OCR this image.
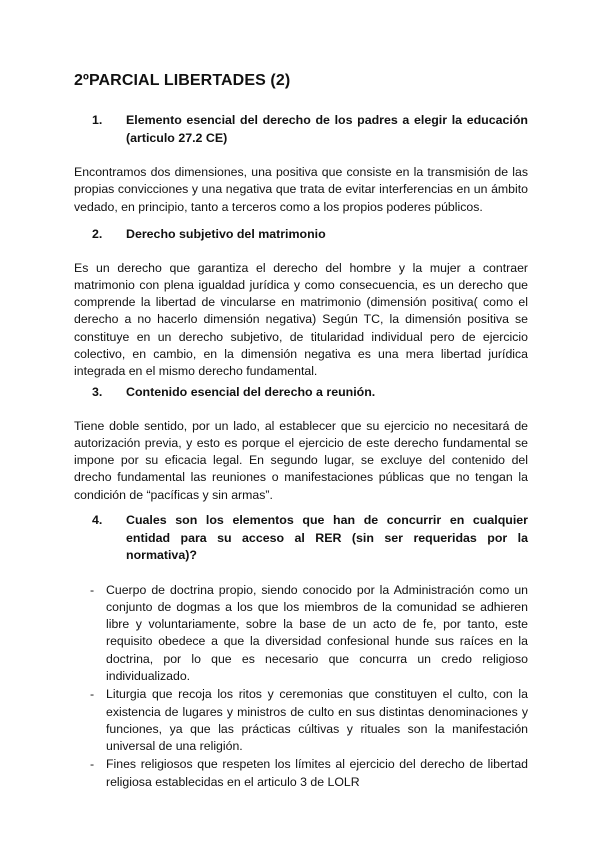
2ºPARCIAL LIBERTADES (2)
1.	Elemento esencial del derecho de los padres a elegir la educación (articulo 27.2 CE)

Encontramos dos dimensiones, una positiva que consiste en la transmisión de las propias convicciones y una negativa que trata de evitar interferencias en un ámbito vedado, en principio, tanto a terceros como a los propios poderes públicos.

2.	Derecho subjetivo del matrimonio

Es un derecho que garantiza el derecho del hombre y la mujer a contraer matrimonio con plena igualdad jurídica y como consecuencia, es un derecho que comprende la libertad de vincularse en matrimonio (dimensión positiva( como el derecho a no hacerlo dimensión negativa) Según TC, la dimensión positiva se constituye en un derecho subjetivo, de titularidad individual pero de ejercicio colectivo, en cambio, en la dimensión negativa es una mera libertad jurídica integrada en el mismo derecho fundamental.

3.	Contenido esencial del derecho a reunión.

Tiene doble sentido, por un lado, al establecer que su ejercicio no necesitará de autorización previa, y esto es porque el ejercicio de este derecho fundamental se impone por su eficacia legal. En segundo lugar, se excluye del contenido del drecho fundamental las reuniones o manifestaciones públicas que no tengan la condición de “pacíficas y sin armas”.

4.	Cuales son los elementos que han de concurrir en cualquier entidad para su acceso al RER (sin ser requeridas por la normativa)?
- Cuerpo de doctrina propio, siendo conocido por la Administración como un conjunto de dogmas a los que los miembros de la comunidad se adhieren libre y voluntariamente, sobre la base de un acto de fe, por tanto, este requisito obedece a que la diversidad confesional hunde sus raíces en la doctrina, por lo que es necesario que concurra un credo religioso individualizado.
- Liturgia que recoja los ritos y ceremonias que constituyen el culto, con la existencia de lugares y ministros de culto en sus distintas denominaciones y funciones, ya que las prácticas cúltivas y rituales son la manifestación universal de una religión.
- Fines religiosos que respeten los límites al ejercicio del derecho de libertad religiosa establecidas en el articulo 3 de LOLR
